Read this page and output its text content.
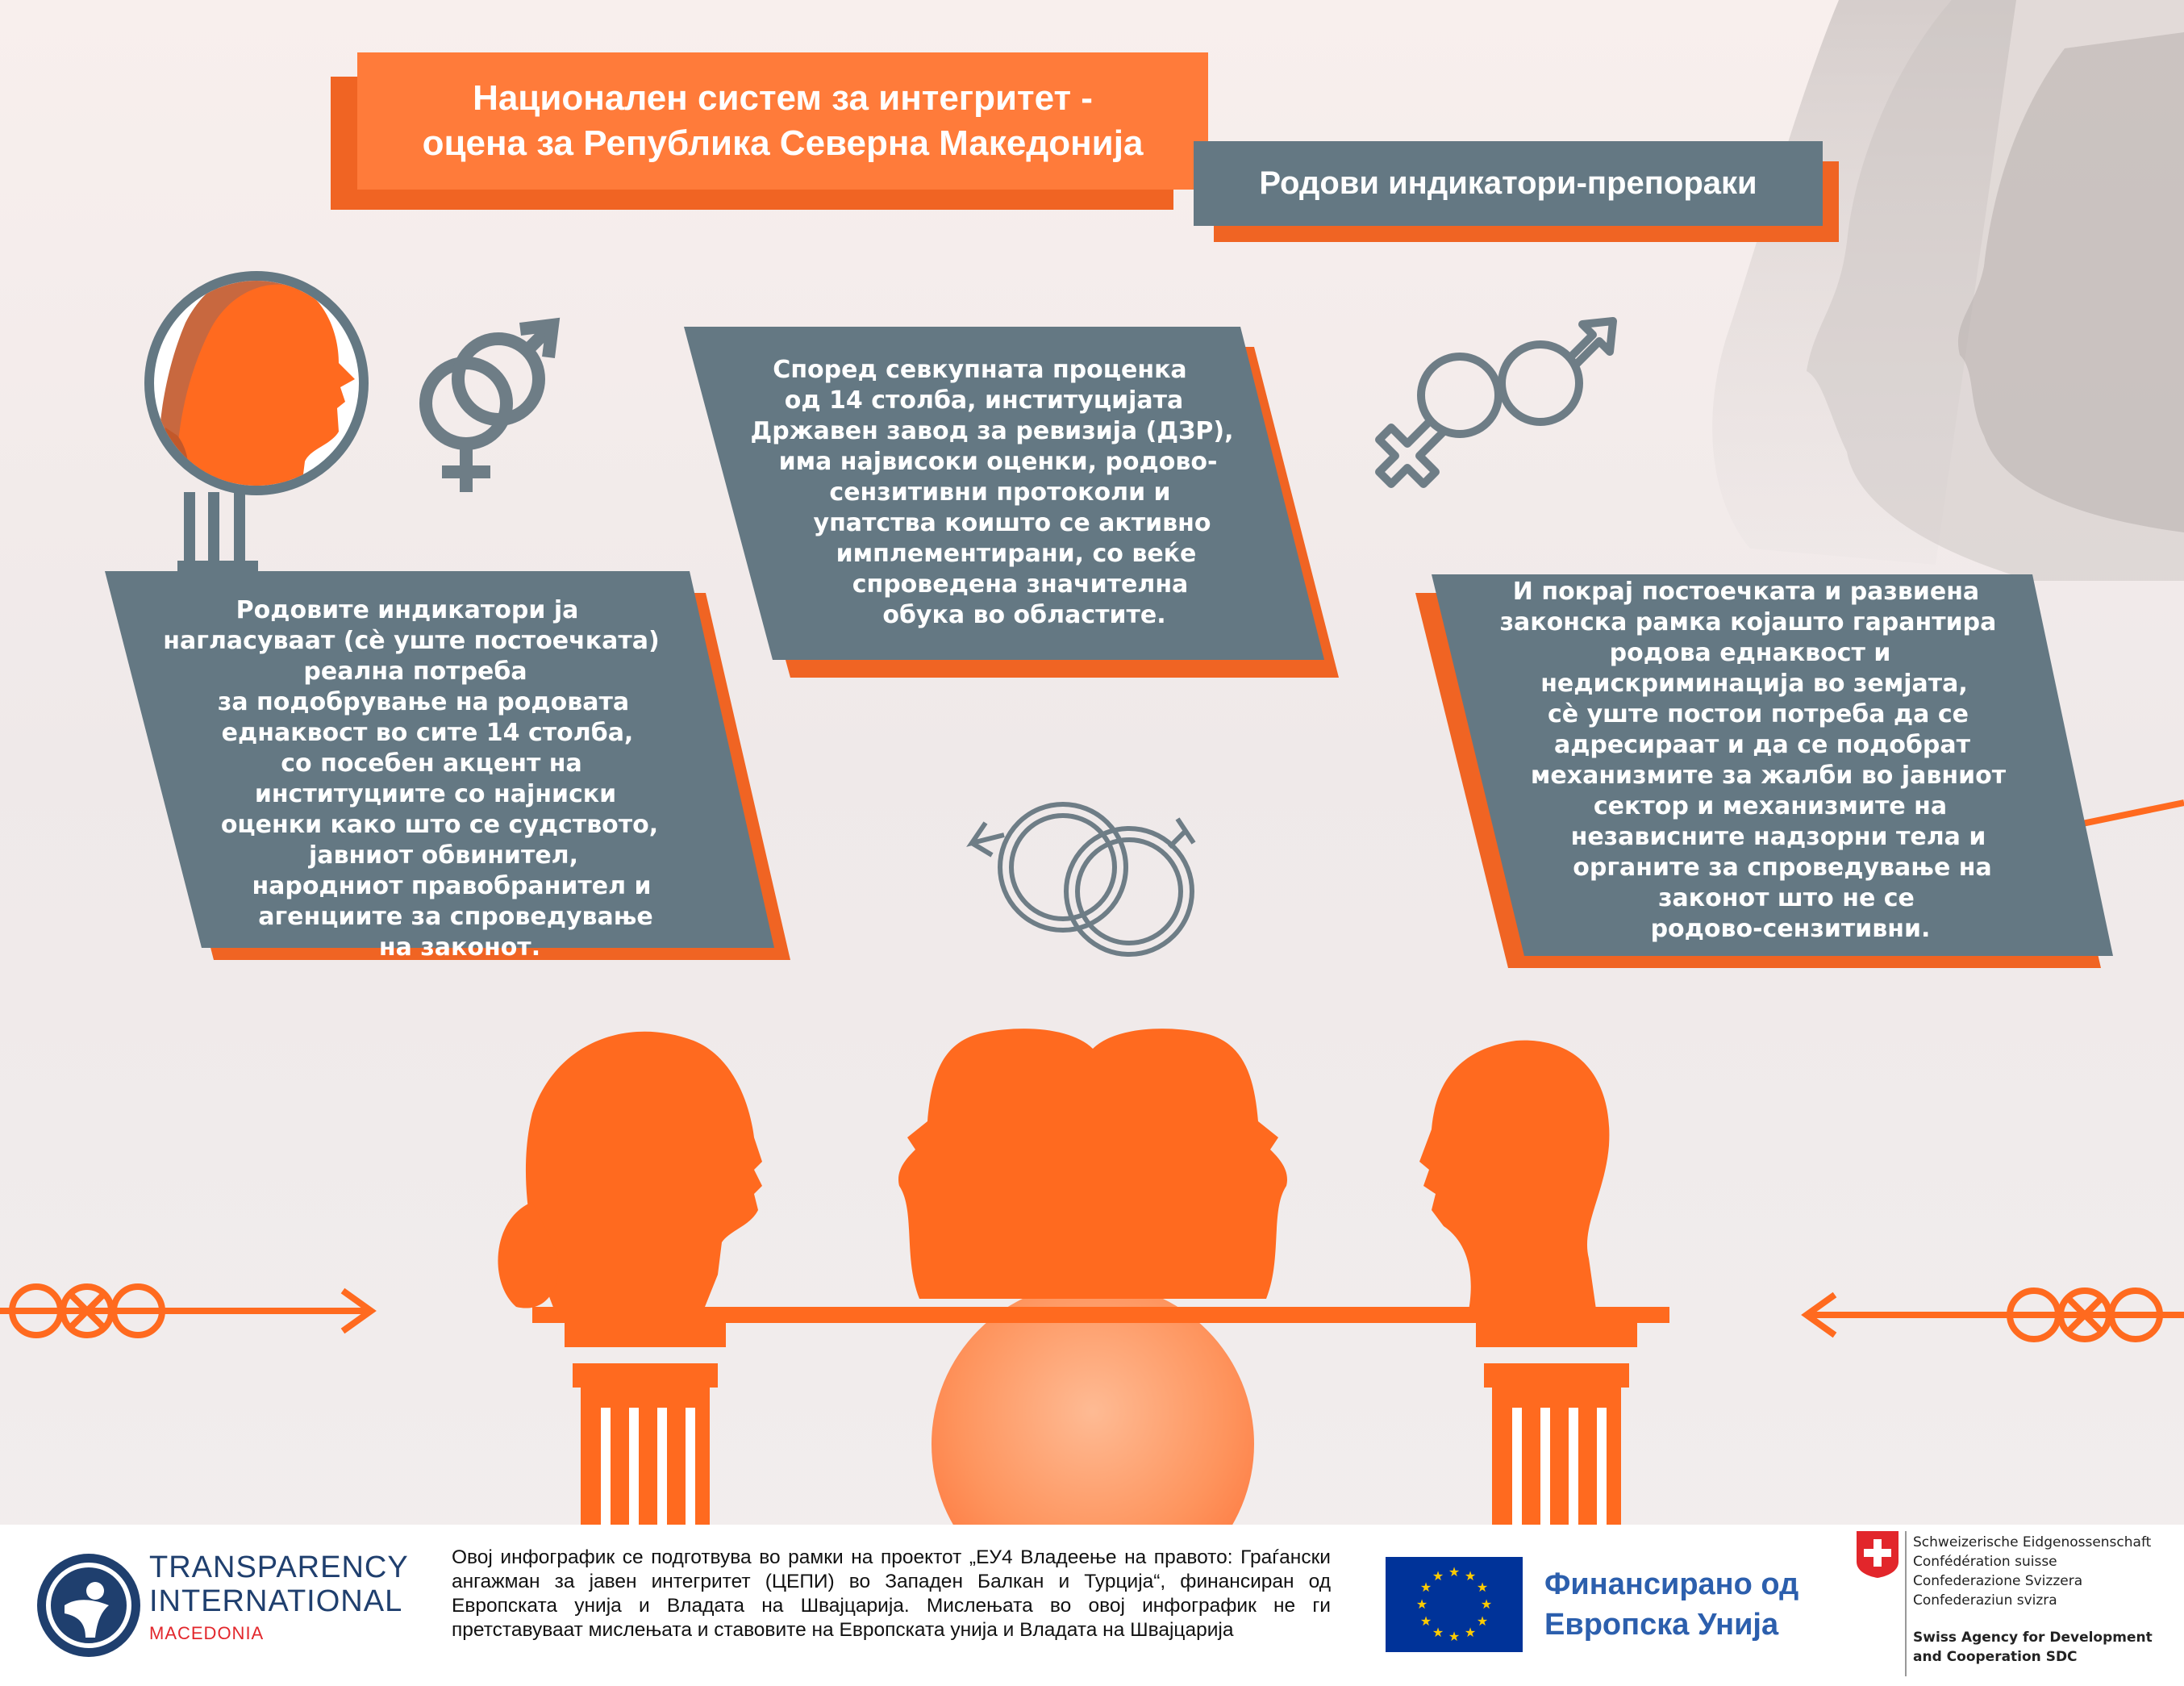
Национален систем за интегритет -
оцена за Република Северна Македонија
Родови индикатори-препораки
Родовите индикатори ја
нагласуваат (сè уште постоечката)
реална потреба
за подобрување на родовата
еднаквост во сите 14 столба,
со посебен акцент на
институциите со најниски
оценки како што се судството,
јавниот обвинител,
народниот правобранител и
агенциите за спроведување
на законот.
Според севкупната проценка
од 14 столба, институцијата
Државен завод за ревизија (ДЗР),
има највисоки оценки, родово-
сензитивни протоколи и
упатства коишто се активно
имплементирани, со веќе
спроведена значителна
обука во областите.
И покрај постоечката и развиена
законска рамка којашто гарантира
родова еднаквост и
недискриминација во земјата,
сè уште постои потреба да се
адресираат и да се подобрат
механизмите за жалби во јавниот
сектор и механизмите на
независните надзорни тела и
органите за спроведување на
законот што не се
родово-сензитивни.
TRANSPARENCY
INTERNATIONAL
MACEDONIA
Овој инфографик се подготвува во рамки на проектот „ЕУ4 Владеење на правото: Граѓански ангажман за јавен интегритет (ЦЕПИ) во Западен Балкан и Турција“, финансиран од Европската унија и Владата на Швајцарија. Мислењата во овој инфографик не ги претставуваат мислењата и ставовите на Европската унија и Владата на Швајцарија
★ ★
★
★
★
★
★
★
★
★
★
★	Финансирано од
Европска Унија
Schweizerische Eidgenossenschaft
Confédération suisse
Confederazione Svizzera
Confederaziun svizra
Swiss Agency for Development
and Cooperation SDC
